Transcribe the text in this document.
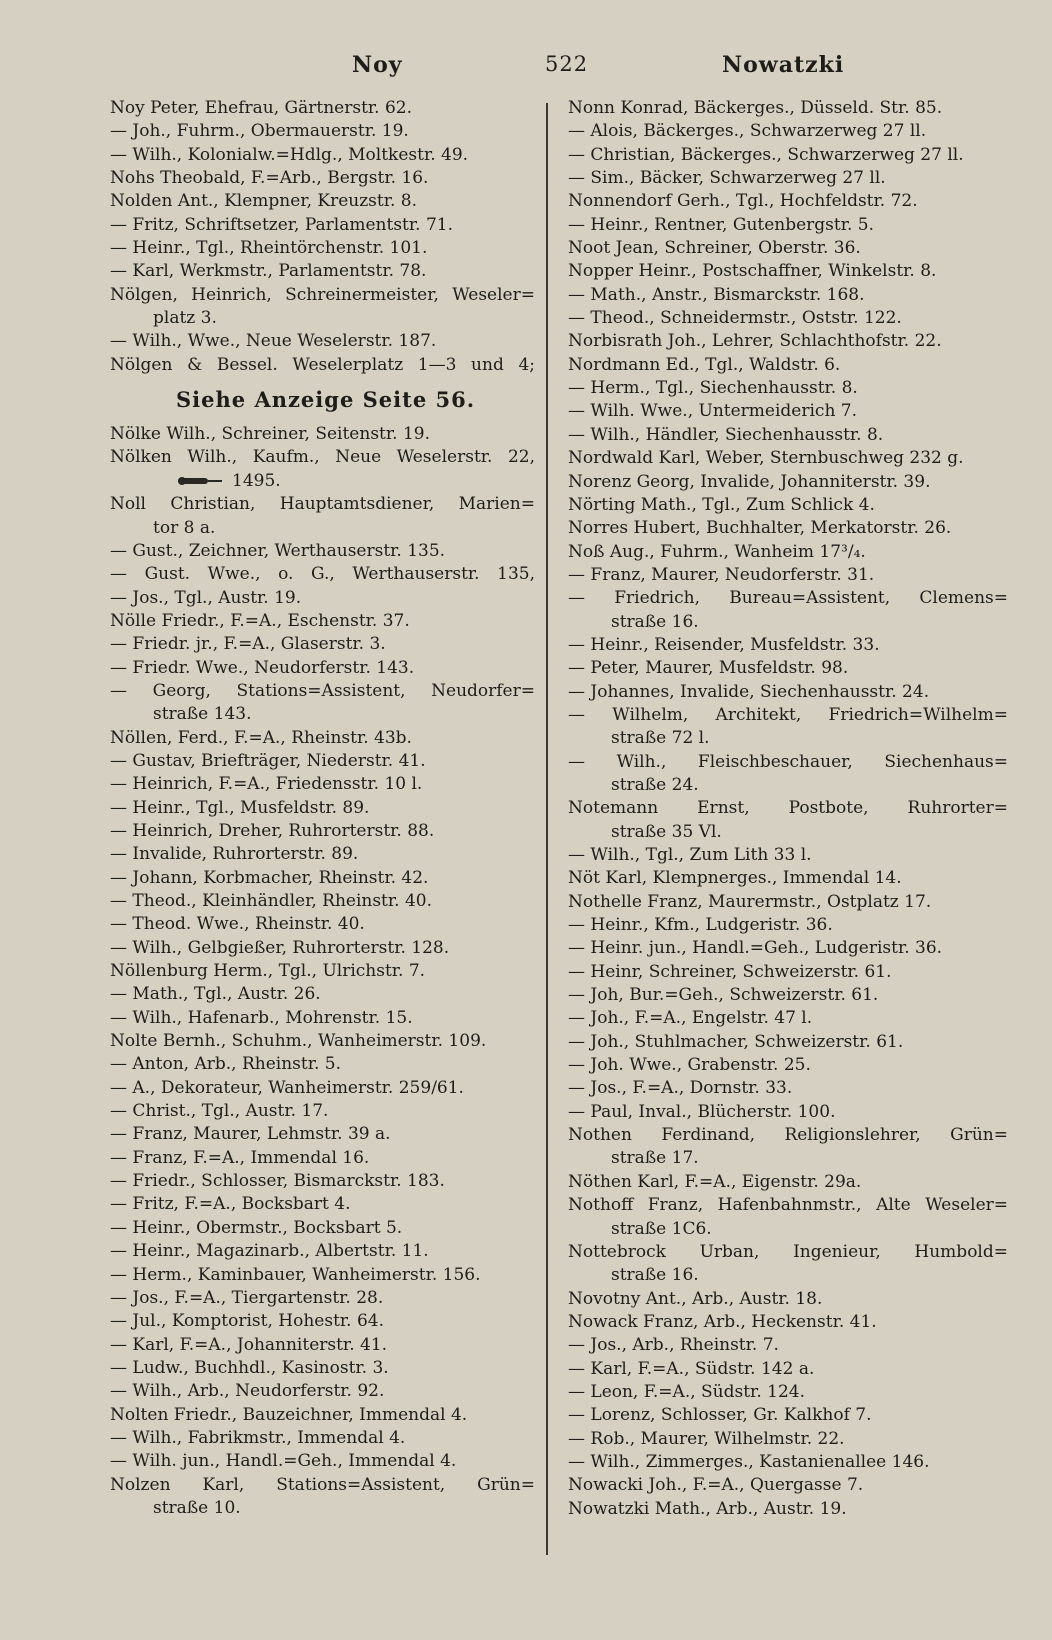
Noy	522	Nowatzki
Noy Peter, Ehefrau, Gärtnerstr. 62.
— Joh., Fuhrm., Obermauerstr. 19.
— Wilh., Kolonialw.=Hdlg., Moltkestr. 49.
Nohs Theobald, F.=Arb., Bergstr. 16.
Nolden Ant., Klempner, Kreuzstr. 8.
— Fritz, Schriftsetzer, Parlamentstr. 71.
— Heinr., Tgl., Rheintörchenstr. 101.
— Karl, Werkmstr., Parlamentstr. 78.
Nölgen, Heinrich, Schreinermeister, Weseler=
platz 3.
— Wilh., Wwe., Neue Weselerstr. 187.
Nölgen & Bessel. Weselerplatz 1—3 und 4;
Siehe Anzeige Seite 56.
Nölke Wilh., Schreiner, Seitenstr. 19.
Nölken Wilh., Kaufm., Neue Weselerstr. 22,
1495.
Noll Christian, Hauptamtsdiener, Marien=
tor 8 a.
— Gust., Zeichner, Werthauserstr. 135.
— Gust. Wwe., o. G., Werthauserstr. 135,
— Jos., Tgl., Austr. 19.
Nölle Friedr., F.=A., Eschenstr. 37.
— Friedr. jr., F.=A., Glaserstr. 3.
— Friedr. Wwe., Neudorferstr. 143.
— Georg, Stations=Assistent, Neudorfer=
straße 143.
Nöllen, Ferd., F.=A., Rheinstr. 43b.
— Gustav, Briefträger, Niederstr. 41.
— Heinrich, F.=A., Friedensstr. 10 l.
— Heinr., Tgl., Musfeldstr. 89.
— Heinrich, Dreher, Ruhrorterstr. 88.
— Invalide, Ruhrorterstr. 89.
— Johann, Korbmacher, Rheinstr. 42.
— Theod., Kleinhändler, Rheinstr. 40.
— Theod. Wwe., Rheinstr. 40.
— Wilh., Gelbgießer, Ruhrorterstr. 128.
Nöllenburg Herm., Tgl., Ulrichstr. 7.
— Math., Tgl., Austr. 26.
— Wilh., Hafenarb., Mohrenstr. 15.
Nolte Bernh., Schuhm., Wanheimerstr. 109.
— Anton, Arb., Rheinstr. 5.
— A., Dekorateur, Wanheimerstr. 259/61.
— Christ., Tgl., Austr. 17.
— Franz, Maurer, Lehmstr. 39 a.
— Franz, F.=A., Immendal 16.
— Friedr., Schlosser, Bismarckstr. 183.
— Fritz, F.=A., Bocksbart 4.
— Heinr., Obermstr., Bocksbart 5.
— Heinr., Magazinarb., Albertstr. 11.
— Herm., Kaminbauer, Wanheimerstr. 156.
— Jos., F.=A., Tiergartenstr. 28.
— Jul., Komptorist, Hohestr. 64.
— Karl, F.=A., Johanniterstr. 41.
— Ludw., Buchhdl., Kasinostr. 3.
— Wilh., Arb., Neudorferstr. 92.
Nolten Friedr., Bauzeichner, Immendal 4.
— Wilh., Fabrikmstr., Immendal 4.
— Wilh. jun., Handl.=Geh., Immendal 4.
Nolzen Karl, Stations=Assistent, Grün=
straße 10.
Nonn Konrad, Bäckerges., Düsseld. Str. 85.
— Alois, Bäckerges., Schwarzerweg 27 ll.
— Christian, Bäckerges., Schwarzerweg 27 ll.
— Sim., Bäcker, Schwarzerweg 27 ll.
Nonnendorf Gerh., Tgl., Hochfeldstr. 72.
— Heinr., Rentner, Gutenbergstr. 5.
Noot Jean, Schreiner, Oberstr. 36.
Nopper Heinr., Postschaffner, Winkelstr. 8.
— Math., Anstr., Bismarckstr. 168.
— Theod., Schneidermstr., Oststr. 122.
Norbisrath Joh., Lehrer, Schlachthofstr. 22.
Nordmann Ed., Tgl., Waldstr. 6.
— Herm., Tgl., Siechenhausstr. 8.
— Wilh. Wwe., Untermeiderich 7.
— Wilh., Händler, Siechenhausstr. 8.
Nordwald Karl, Weber, Sternbuschweg 232 g.
Norenz Georg, Invalide, Johanniterstr. 39.
Nörting Math., Tgl., Zum Schlick 4.
Norres Hubert, Buchhalter, Merkatorstr. 26.
Noß Aug., Fuhrm., Wanheim 17³/₄.
— Franz, Maurer, Neudorferstr. 31.
— Friedrich, Bureau=Assistent, Clemens=
straße 16.
— Heinr., Reisender, Musfeldstr. 33.
— Peter, Maurer, Musfeldstr. 98.
— Johannes, Invalide, Siechenhausstr. 24.
— Wilhelm, Architekt, Friedrich=Wilhelm=
straße 72 l.
— Wilh., Fleischbeschauer, Siechenhaus=
straße 24.
Notemann Ernst, Postbote, Ruhrorter=
straße 35 Vl.
— Wilh., Tgl., Zum Lith 33 l.
Nöt Karl, Klempnerges., Immendal 14.
Nothelle Franz, Maurermstr., Ostplatz 17.
— Heinr., Kfm., Ludgeristr. 36.
— Heinr. jun., Handl.=Geh., Ludgeristr. 36.
— Heinr, Schreiner, Schweizerstr. 61.
— Joh, Bur.=Geh., Schweizerstr. 61.
— Joh., F.=A., Engelstr. 47 l.
— Joh., Stuhlmacher, Schweizerstr. 61.
— Joh. Wwe., Grabenstr. 25.
— Jos., F.=A., Dornstr. 33.
— Paul, Inval., Blücherstr. 100.
Nothen Ferdinand, Religionslehrer, Grün=
straße 17.
Nöthen Karl, F.=A., Eigenstr. 29a.
Nothoff Franz, Hafenbahnmstr., Alte Weseler=
straße 1C6.
Nottebrock Urban, Ingenieur, Humbold=
straße 16.
Novotny Ant., Arb., Austr. 18.
Nowack Franz, Arb., Heckenstr. 41.
— Jos., Arb., Rheinstr. 7.
— Karl, F.=A., Südstr. 142 a.
— Leon, F.=A., Südstr. 124.
— Lorenz, Schlosser, Gr. Kalkhof 7.
— Rob., Maurer, Wilhelmstr. 22.
— Wilh., Zimmerges., Kastanienallee 146.
Nowacki Joh., F.=A., Quergasse 7.
Nowatzki Math., Arb., Austr. 19.
